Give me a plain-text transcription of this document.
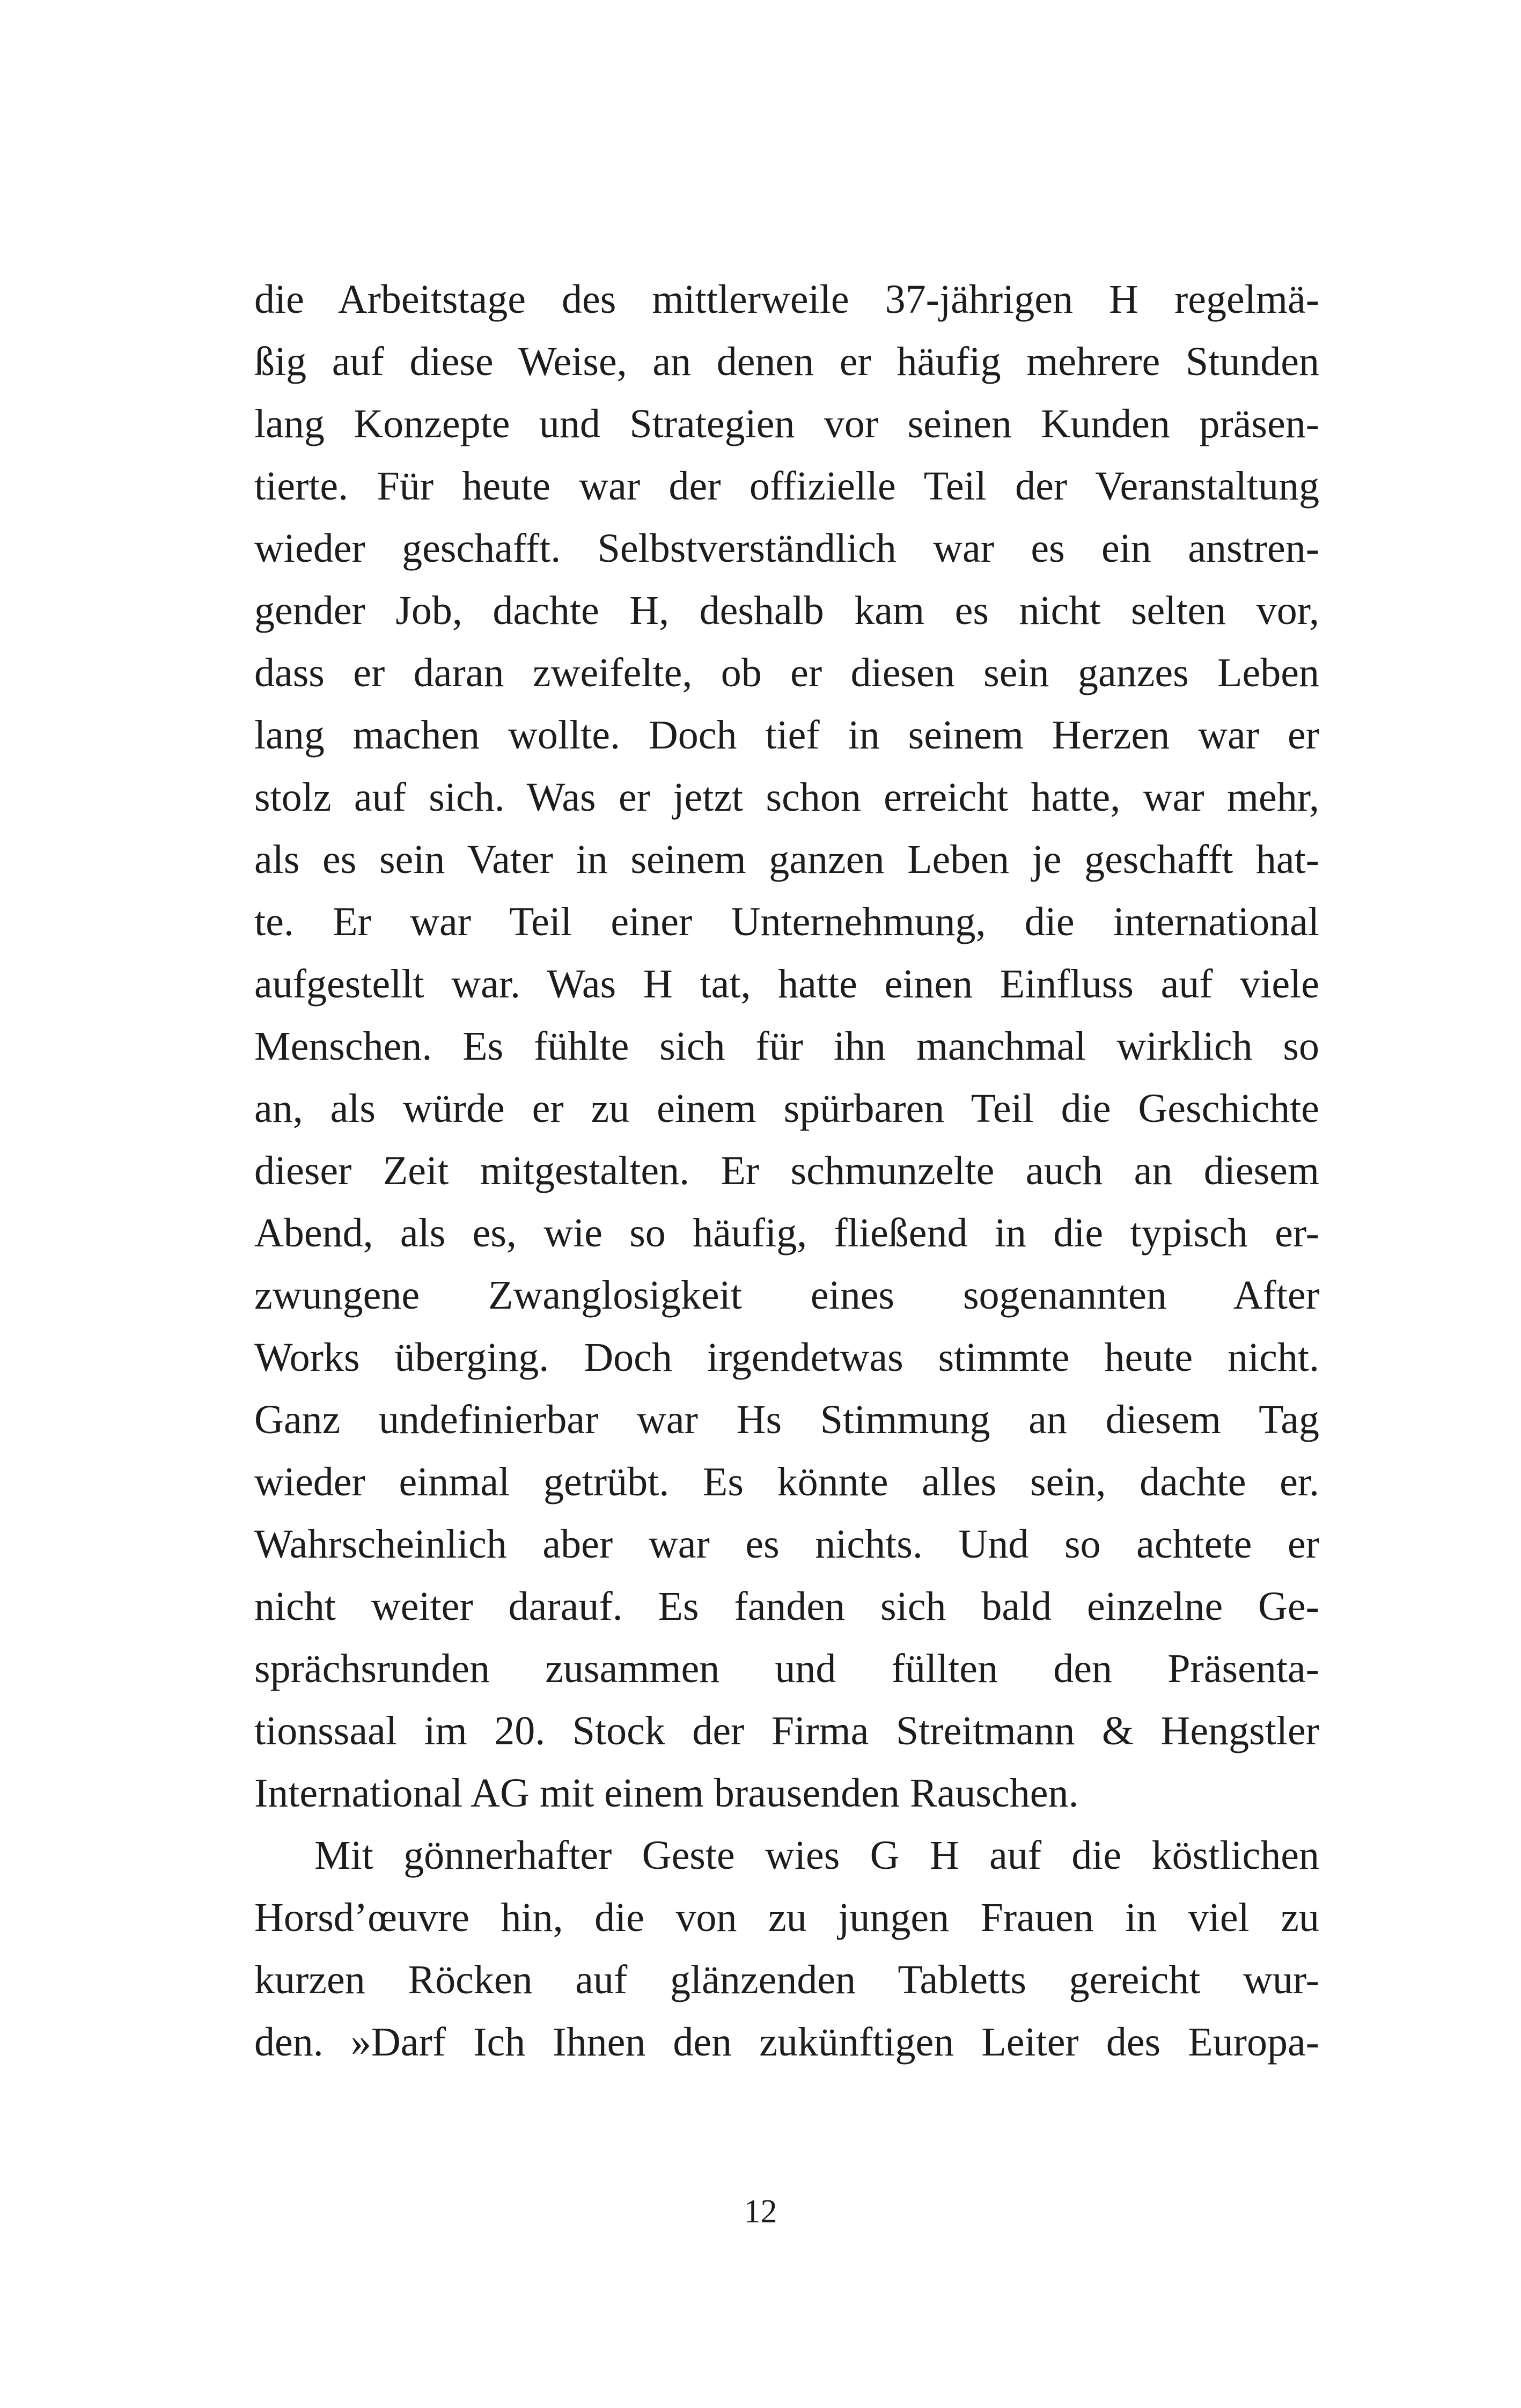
die Arbeitstage des mittlerweile 37-jährigen H regelmä-
ßig auf diese Weise, an denen er häufig mehrere Stunden
lang Konzepte und Strategien vor seinen Kunden präsen-
tierte. Für heute war der offizielle Teil der Veranstaltung
wieder geschafft. Selbstverständlich war es ein anstren-
gender Job, dachte H, deshalb kam es nicht selten vor,
dass er daran zweifelte, ob er diesen sein ganzes Leben
lang machen wollte. Doch tief in seinem Herzen war er
stolz auf sich. Was er jetzt schon erreicht hatte, war mehr,
als es sein Vater in seinem ganzen Leben je geschafft hat-
te. Er war Teil einer Unternehmung, die international
aufgestellt war. Was H tat, hatte einen Einfluss auf viele
Menschen. Es fühlte sich für ihn manchmal wirklich so
an, als würde er zu einem spürbaren Teil die Geschichte
dieser Zeit mitgestalten. Er schmunzelte auch an diesem
Abend, als es, wie so häufig, fließend in die typisch er-
zwungene Zwanglosigkeit eines sogenannten After
Works überging. Doch irgendetwas stimmte heute nicht.
Ganz undefinierbar war Hs Stimmung an diesem Tag
wieder einmal getrübt. Es könnte alles sein, dachte er.
Wahrscheinlich aber war es nichts. Und so achtete er
nicht weiter darauf. Es fanden sich bald einzelne Ge-
sprächsrunden zusammen und füllten den Präsenta-
tionssaal im 20. Stock der Firma Streitmann & Hengstler
International AG mit einem brausenden Rauschen.
Mit gönnerhafter Geste wies G H auf die köstlichen
Horsd’œuvre hin, die von zu jungen Frauen in viel zu
kurzen Röcken auf glänzenden Tabletts gereicht wur-
den. »Darf Ich Ihnen den zukünftigen Leiter des Europa-
12
